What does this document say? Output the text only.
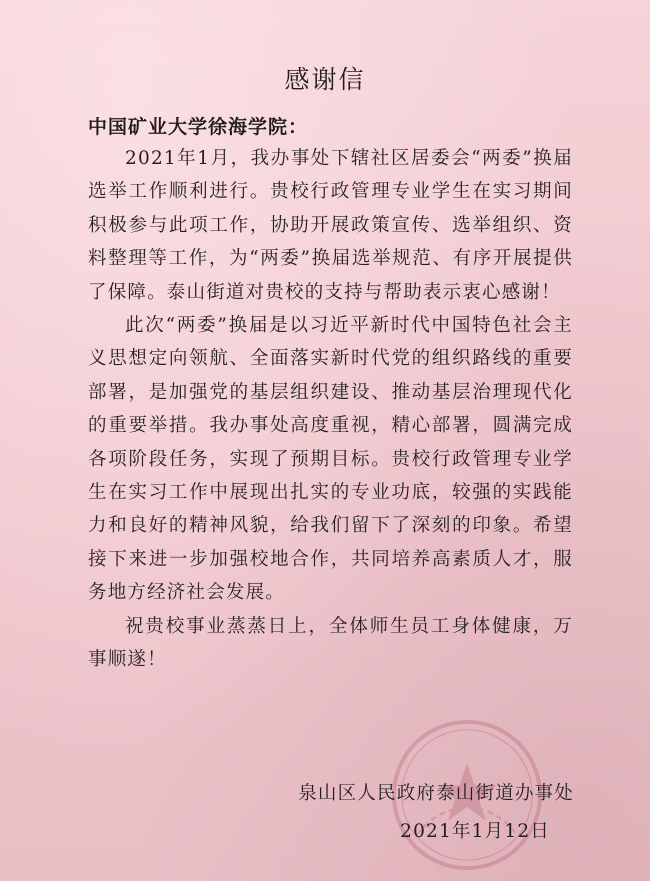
感谢信
中国矿业大学徐海学院：

2021年1月，我办事处下辖社区居委会“两委”换届选举工作顺利进行。贵校行政管理专业学生在实习期间积极参与此项工作，协助开展政策宣传、选举组织、资料整理等工作，为“两委”换届选举规范、有序开展提供了保障。泰山街道对贵校的支持与帮助表示衷心感谢！

此次“两委”换届是以习近平新时代中国特色社会主义思想定向领航、全面落实新时代党的组织路线的重要部署，是加强党的基层组织建设、推动基层治理现代化的重要举措。我办事处高度重视，精心部署，圆满完成各项阶段任务，实现了预期目标。贵校行政管理专业学生在实习工作中展现出扎实的专业功底，较强的实践能力和良好的精神风貌，给我们留下了深刻的印象。希望接下来进一步加强校地合作，共同培养高素质人才，服务地方经济社会发展。

祝贵校事业蒸蒸日上，全体师生员工身体健康，万事顺遂！

泉山区人民政府泰山街道办事处
2021年1月12日
